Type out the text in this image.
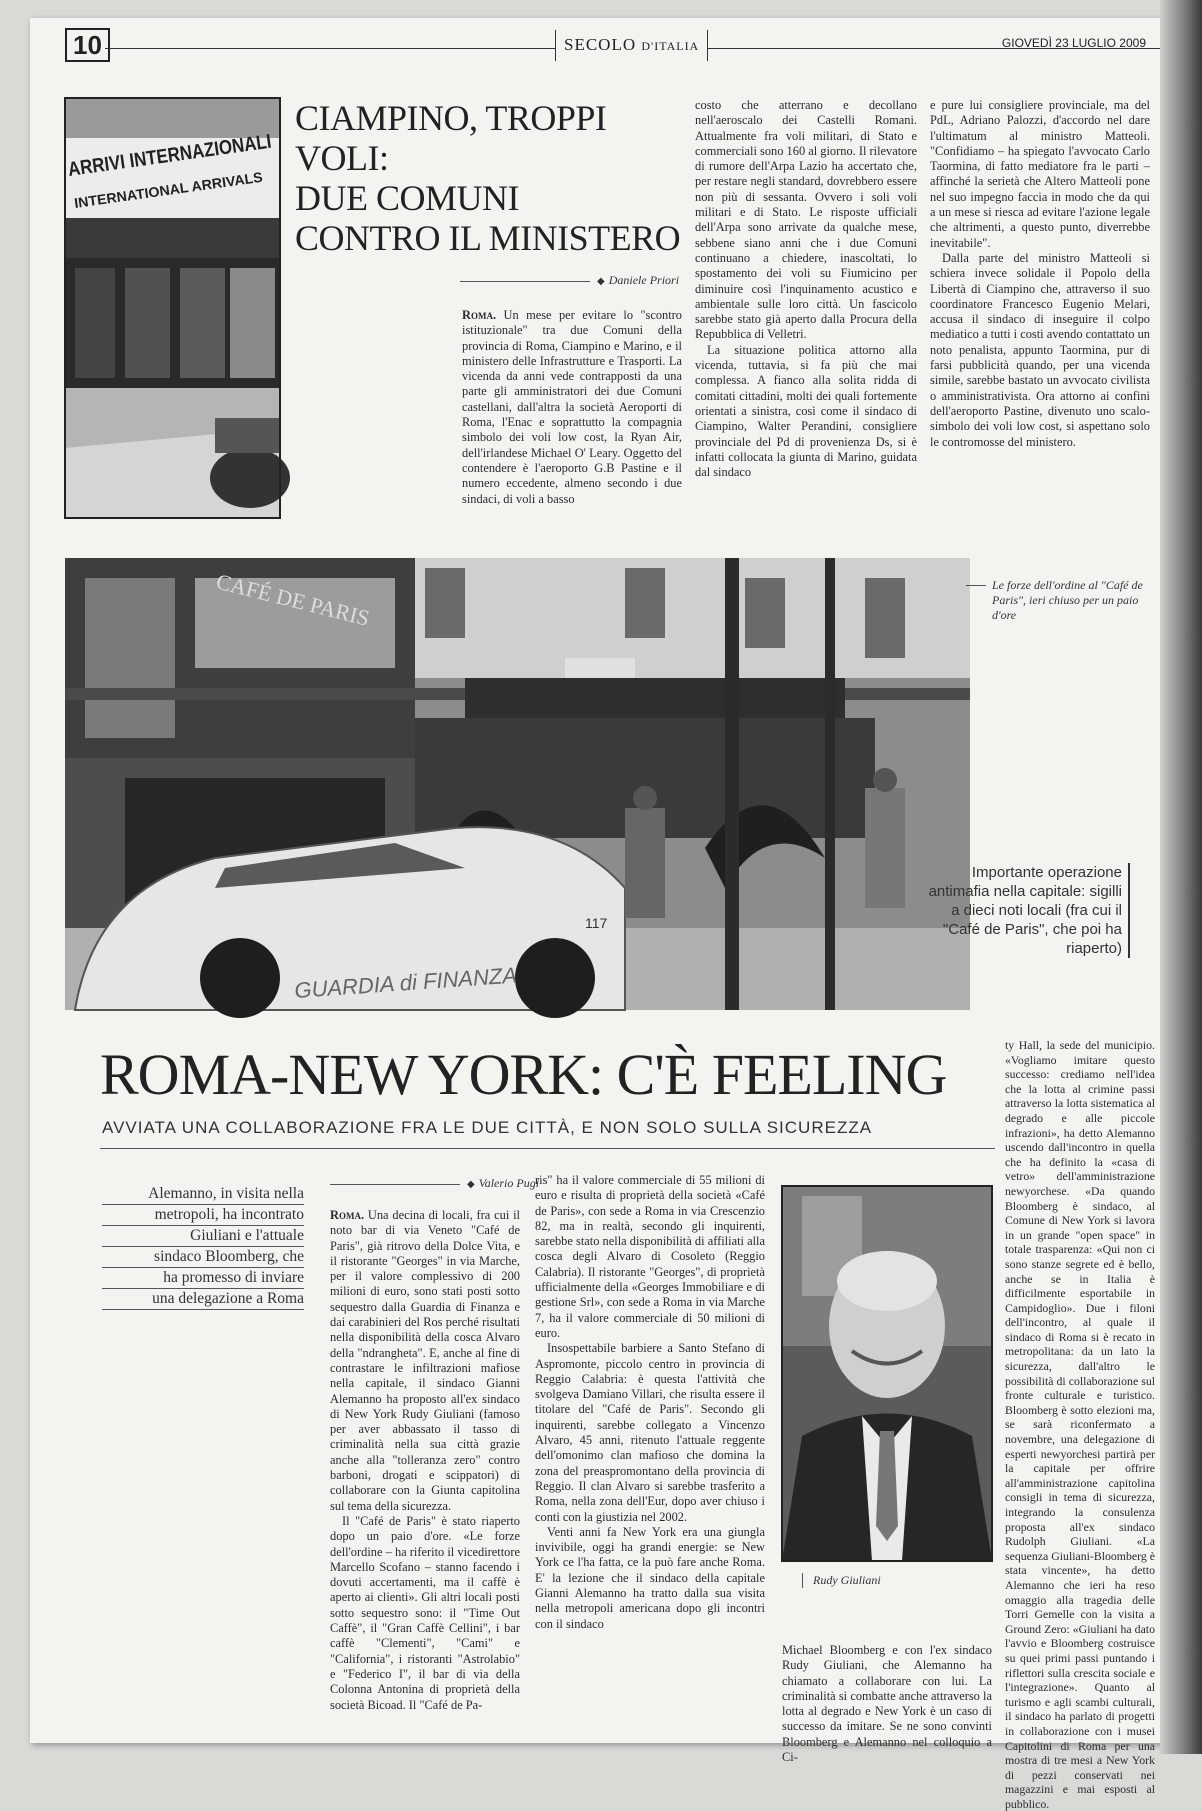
10	SECOLO D'ITALIA	GIOVEDÌ 23 LUGLIO 2009
ARRIVI INTERNAZIONALI
INTERNATIONAL ARRIVALS
CIAMPINO, TROPPI VOLI:
DUE COMUNI
CONTRO IL MINISTERO
◆ Daniele Priori

Roma. Un mese per evitare lo "scontro istituzionale" tra due Comuni della provincia di Roma, Ciampino e Marino, e il ministero delle Infrastrutture e Trasporti. La vicenda da anni vede contrapposti da una parte gli amministratori dei due Comuni castellani, dall'altra la società Aeroporti di Roma, l'Enac e soprattutto la compagnia simbolo dei voli low cost, la Ryan Air, dell'irlandese Michael O' Leary. Oggetto del contendere è l'aeroporto G.B Pastine e il numero eccedente, almeno secondo i due sindaci, di voli a basso

costo che atterrano e decollano nell'aeroscalo dei Castelli Romani. Attualmente fra voli militari, di Stato e commerciali sono 160 al giorno. Il rilevatore di rumore dell'Arpa Lazio ha accertato che, per restare negli standard, dovrebbero essere non più di sessanta. Ovvero i soli voli militari e di Stato. Le risposte ufficiali dell'Arpa sono arrivate da qualche mese, sebbene siano anni che i due Comuni continuano a chiedere, inascoltati, lo spostamento dei voli su Fiumicino per diminuire così l'inquinamento acustico e ambientale sulle loro città. Un fascicolo sarebbe stato già aperto dalla Procura della Repubblica di Velletri.

La situazione politica attorno alla vicenda, tuttavia, si fa più che mai complessa. A fianco alla solita ridda di comitati cittadini, molti dei quali fortemente orientati a sinistra, così come il sindaco di Ciampino, Walter Perandini, consigliere provinciale del Pd di provenienza Ds, si è infatti collocata la giunta di Marino, guidata dal sindaco

e pure lui consigliere provinciale, ma del PdL, Adriano Palozzi, d'accordo nel dare l'ultimatum al ministro Matteoli. "Confidiamo – ha spiegato l'avvocato Carlo Taormina, di fatto mediatore fra le parti – affinché la serietà che Altero Matteoli pone nel suo impegno faccia in modo che da qui a un mese si riesca ad evitare l'azione legale che altrimenti, a questo punto, diverrebbe inevitabile".

Dalla parte del ministro Matteoli si schiera invece solidale il Popolo della Libertà di Ciampino che, attraverso il suo coordinatore Francesco Eugenio Melari, accusa il sindaco di inseguire il colpo mediatico a tutti i costi avendo contattato un noto penalista, appunto Taormina, pur di farsi pubblicità quando, per una vicenda simile, sarebbe bastato un avvocato civilista o amministrativista. Ora attorno ai confini dell'aeroporto Pastine, divenuto uno scalo-simbolo dei voli low cost, si aspettano solo le contromosse del ministero.

CAFÉ DE PARIS
GUARDIA di FINANZA
117
Le forze dell'ordine al "Café de Paris", ieri chiuso per un paio d'ore
Importante operazione antimafia nella capitale: sigilli a dieci noti locali (fra cui il "Café de Paris", che poi ha riaperto)
ROMA-NEW YORK: C'È FEELING
AVVIATA UNA COLLABORAZIONE FRA LE DUE CITTÀ, E NON SOLO SULLA SICUREZZA
Alemanno, in visita nella
metropoli, ha incontrato
Giuliani e l'attuale
sindaco Bloomberg, che
ha promesso di inviare
una delegazione a Roma
◆ Valerio Pugi

Roma. Una decina di locali, fra cui il noto bar di via Veneto "Café de Paris", già ritrovo della Dolce Vita, e il ristorante "Georges" in via Marche, per il valore complessivo di 200 milioni di euro, sono stati posti sotto sequestro dalla Guardia di Finanza e dai carabinieri del Ros perché risultati nella disponibilità della cosca Alvaro della "ndrangheta". E, anche al fine di contrastare le infiltrazioni mafiose nella capitale, il sindaco Gianni Alemanno ha proposto all'ex sindaco di New York Rudy Giuliani (famoso per aver abbassato il tasso di criminalità nella sua città grazie anche alla "tolleranza zero" contro barboni, drogati e scippatori) di collaborare con la Giunta capitolina sul tema della sicurezza.

Il "Café de Paris" è stato riaperto dopo un paio d'ore. «Le forze dell'ordine – ha riferito il vicedirettore Marcello Scofano – stanno facendo i dovuti accertamenti, ma il caffè è aperto ai clienti». Gli altri locali posti sotto sequestro sono: il "Time Out Caffè", il "Gran Caffè Cellini", i bar caffè "Clementi", "Cami" e "California", i ristoranti "Astrolabio" e "Federico I", il bar di via della Colonna Antonina di proprietà della società Bicoad. Il "Café de Pa-

ris" ha il valore commerciale di 55 milioni di euro e risulta di proprietà della società «Café de Paris», con sede a Roma in via Crescenzio 82, ma in realtà, secondo gli inquirenti, sarebbe stato nella disponibilità di affiliati alla cosca degli Alvaro di Cosoleto (Reggio Calabria). Il ristorante "Georges", di proprietà ufficialmente della «Georges Immobiliare e di gestione Srl», con sede a Roma in via Marche 7, ha il valore commerciale di 50 milioni di euro.

Insospettabile barbiere a Santo Stefano di Aspromonte, piccolo centro in provincia di Reggio Calabria: è questa l'attività che svolgeva Damiano Villari, che risulta essere il titolare del "Café de Paris". Secondo gli inquirenti, sarebbe collegato a Vincenzo Alvaro, 45 anni, ritenuto l'attuale reggente dell'omonimo clan mafioso che domina la zona del preaspromontano della provincia di Reggio. Il clan Alvaro si sarebbe trasferito a Roma, nella zona dell'Eur, dopo aver chiuso i conti con la giustizia nel 2002.

Venti anni fa New York era una giungla invivibile, oggi ha grandi energie: se New York ce l'ha fatta, ce la può fare anche Roma. E' la lezione che il sindaco della capitale Gianni Alemanno ha tratto dalla sua visita nella metropoli americana dopo gli incontri con il sindaco

Rudy Giuliani

Michael Bloomberg e con l'ex sindaco Rudy Giuliani, che Alemanno ha chiamato a collaborare con lui. La criminalità si combatte anche attraverso la lotta al degrado e New York è un caso di successo da imitare. Se ne sono convinti Bloomberg e Alemanno nel colloquio a Ci-

ty Hall, la sede del municipio. «Vogliamo imitare questo successo: crediamo nell'idea che la lotta al crimine passi attraverso la lotta sistematica al degrado e alle piccole infrazioni», ha detto Alemanno uscendo dall'incontro in quella che ha definito la «casa di vetro» dell'amministrazione newyorchese. «Da quando Bloomberg è sindaco, al Comune di New York si lavora in un grande "open space" in totale trasparenza: «Qui non ci sono stanze segrete ed è bello, anche se in Italia è difficilmente esportabile in Campidoglio». Due i filoni dell'incontro, al quale il sindaco di Roma si è recato in metropolitana: da un lato la sicurezza, dall'altro le possibilità di collaborazione sul fronte culturale e turistico. Bloomberg è sotto elezioni ma, se sarà riconfermato a novembre, una delegazione di esperti newyorchesi partirà per la capitale per offrire all'amministrazione capitolina consigli in tema di sicurezza, integrando la consulenza proposta all'ex sindaco Rudolph Giuliani. «La sequenza Giuliani-Bloomberg è stata vincente», ha detto Alemanno che ieri ha reso omaggio alla tragedia delle Torri Gemelle con la visita a Ground Zero: «Giuliani ha dato l'avvio e Bloomberg costruisce su quei primi passi puntando i riflettori sulla crescita sociale e l'integrazione». Quanto al turismo e agli scambi culturali, il sindaco ha parlato di progetti in collaborazione con i musei Capitolini di Roma per una mostra di tre mesi a New York di pezzi conservati nei magazzini e mai esposti al pubblico.
